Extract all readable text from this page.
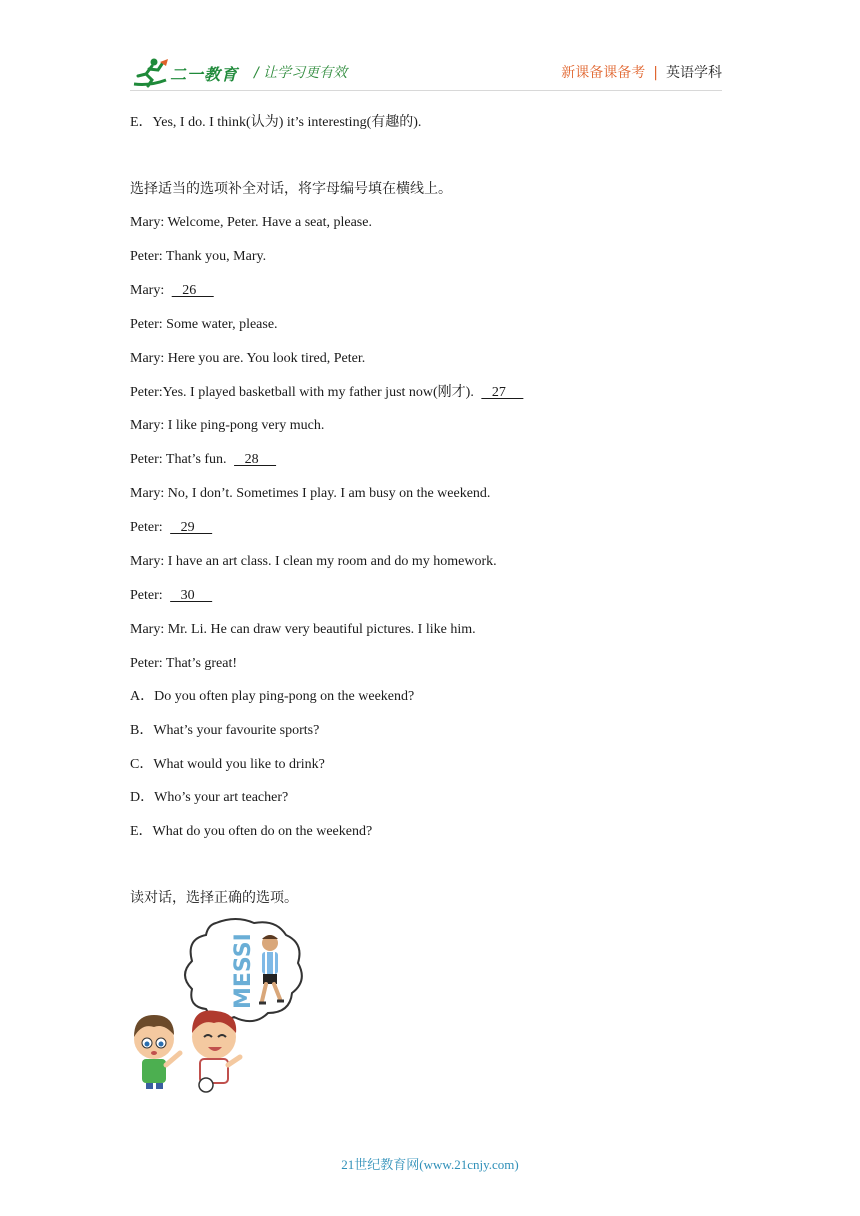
二一教育 / 让学习更有效	新课备课备考 | 英语学科
E．Yes, I do. I think(认为) it’s interesting(有趣的).
选择适当的选项补全对话，将字母编号填在横线上。
Mary: Welcome, Peter. Have a seat, please.
Peter: Thank you, Mary.
Mary:    26
Peter: Some water, please.
Mary: Here you are. You look tired, Peter.
Peter:Yes. I played basketball with my father just now(刚才).    27
Mary: I like ping-pong very much.
Peter: That’s fun.    28
Mary: No, I don’t. Sometimes I play. I am busy on the weekend.
Peter:    29
Mary: I have an art class. I clean my room and do my homework.
Peter:    30
Mary: Mr. Li. He can draw very beautiful pictures. I like him.
Peter: That’s great!
A．Do you often play ping-pong on the weekend?
B．What’s your favourite sports?
C．What would you like to drink?
D．Who’s your art teacher?
E．What do you often do on the weekend?
读对话，选择正确的选项。
MESSI
21世纪教育网(www.21cnjy.com)
